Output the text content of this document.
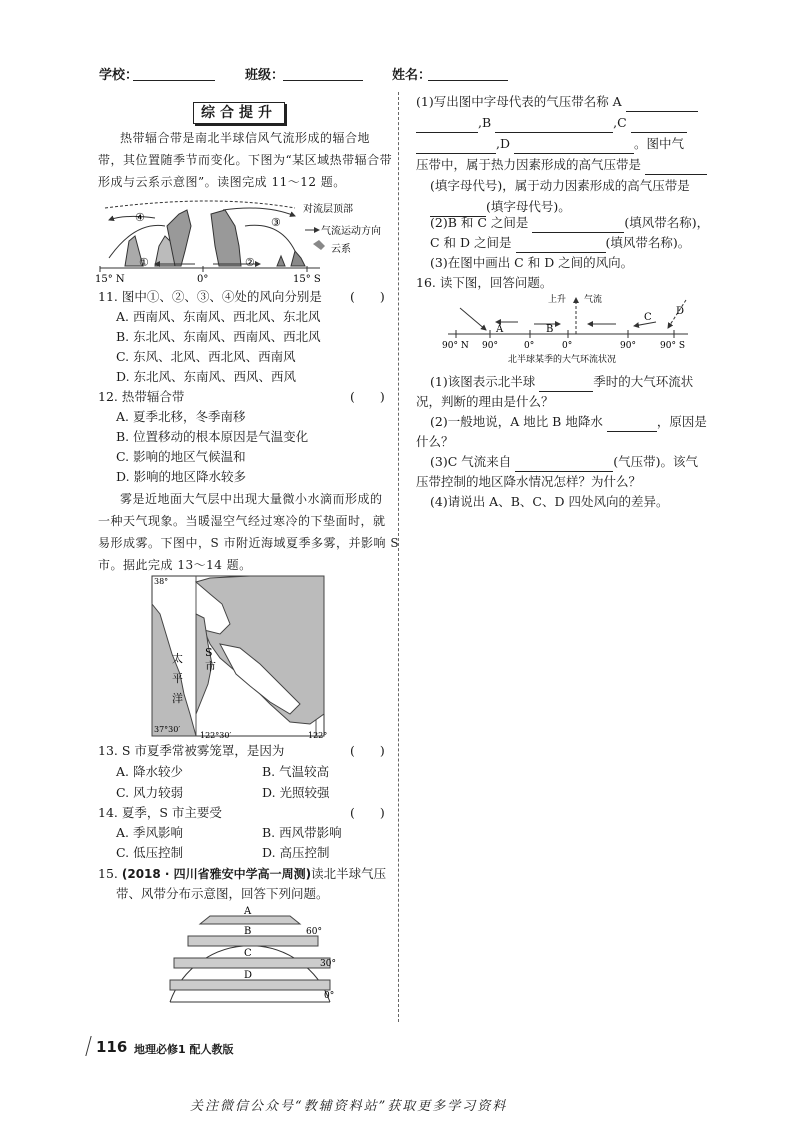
学校：	班级：	姓名：
综合提升
热带辐合带是南北半球信风气流形成的辐合地
带，其位置随季节而变化。下图为“某区域热带辐合带
形成与云系示意图”。读图完成 11～12 题。
④
①
③
②
对流层顶部
气流运动方向
云系
15° N	0°	15° S
11. 图中①、②、③、④处的风向分别是 (　　)
A. 西南风、东南风、西北风、东北风
B. 东北风、东南风、西南风、西北风
C. 东风、北风、西北风、西南风
D. 东北风、东南风、西风、西风
12. 热带辐合带	(　　)
A. 夏季北移，冬季南移
B. 位置移动的根本原因是气温变化
C. 影响的地区气候温和
D. 影响的地区降水较多
雾是近地面大气层中出现大量微小水滴而形成的
一种天气现象。当暖湿空气经过寒冷的下垫面时，就
易形成雾。下图中，S 市附近海域夏季多雾，并影响 S
市。据此完成 13～14 题。
38°
37°30′
122°30′	122°
S
市
太
平
洋
13. S 市夏季常被雾笼罩，是因为	(　　)
A. 降水较少	B. 气温较高
C. 风力较弱	D. 光照较强
14. 夏季，S 市主要受	(　　)
A. 季风影响	B. 西风带影响
C. 低压控制	D. 高压控制
15. (2018 · 四川省雅安中学高一周测)读北半球气压
带、风带分布示意图，回答下列问题。
A
B
C
D
60°
30°
0°
116 地理必修1 配人教版
关注微信公众号“教辅资料站”获取更多学习资料
(1)写出图中字母代表的气压带名称 A
,B	,C
,D	。图中气
压带中，属于热力因素形成的高气压带是
(填字母代号)，属于动力因素形成的高气压带是
(填字母代号)。
(2)B 和 C 之间是	(填风带名称)，
C 和 D 之间是	(填风带名称)。
(3)在图中画出 C 和 D 之间的风向。
16. 读下图，回答问题。
上升 气流
A	B
C
D
90° N 90°	0°	0°	90°	90° S
北半球某季的大气环流状况
(1)该图表示北半球	季时的大气环流状
况，判断的理由是什么？
(2)一般地说，A 地比 B 地降水	，原因是
什么？
(3)C 气流来自	(气压带)。该气
压带控制的地区降水情况怎样？为什么？
(4)请说出 A、B、C、D 四处风向的差异。
